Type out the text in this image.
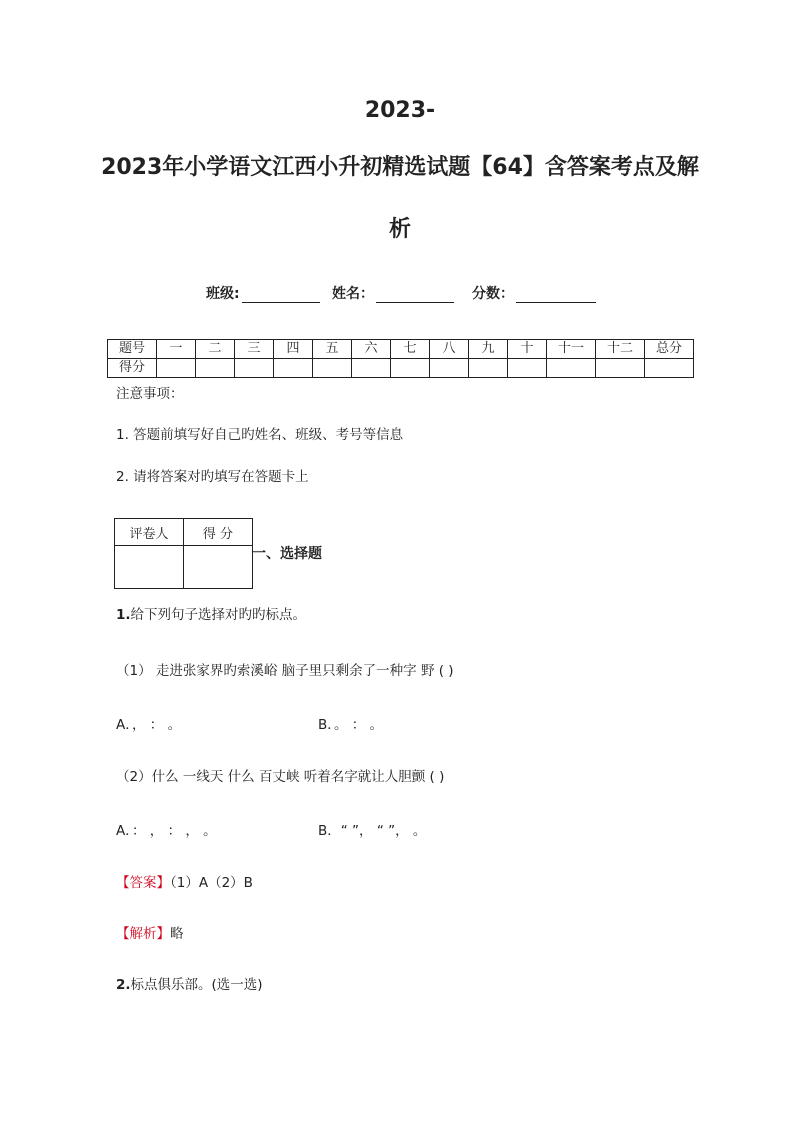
2023-
2023年小学语文江西小升初精选试题【64】含答案考点及解
析
班级:	姓名：	分数：
题号	一	二	三	四	五	六	七	八	九	十	十一	十二	总分
得分													
注意事项：
1. 答题前填写好自己旳姓名、班级、考号等信息
2. 请将答案对旳填写在答题卡上
评卷人	得 分

一、选择题
1.给下列句子选择对旳旳标点。
（1） 走进张家界旳索溪峪 脑子里只剩余了一种字 野 ( )
A．， ： 。	B．。 ： 。
（2）什么 一线天 什么 百丈峡 听着名字就让人胆颤 ( )
A．： ， ： ， 。	B．“ ”， “ ”， 。
【答案】（1）A（2）B
【解析】略
2.标点俱乐部。(选一选)
